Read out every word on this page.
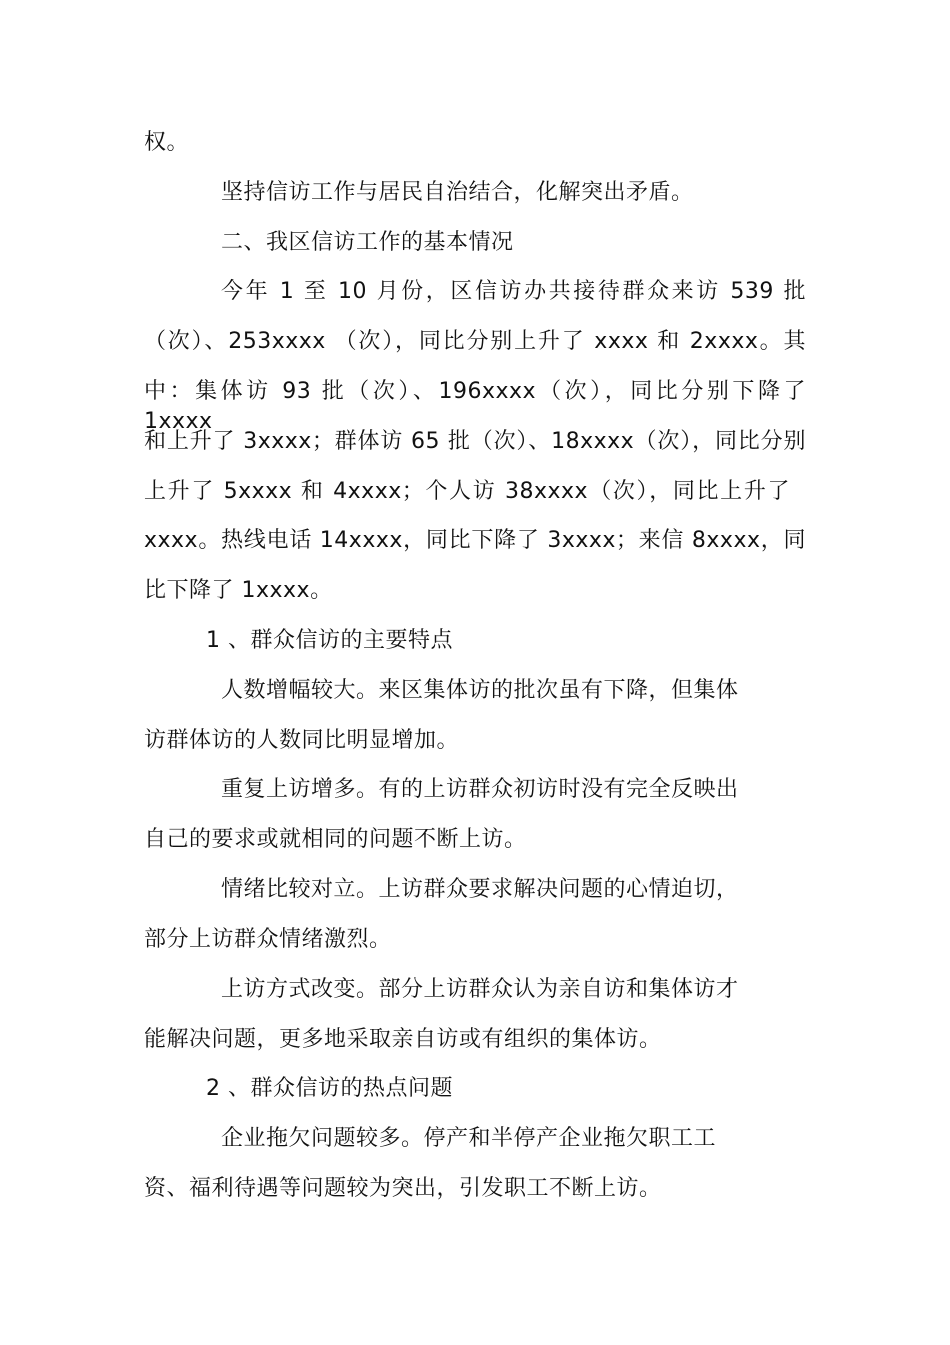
权。
坚持信访工作与居民自治结合，化解突出矛盾。
二、我区信访工作的基本情况
今年 1 至 10 月份，区信访办共接待群众来访 539 批
（次）、253xxxx （次），同比分别上升了 xxxx 和 2xxxx。其
中：集体访 93 批（次）、196xxxx（次），同比分别下降了 1xxxx
和上升了 3xxxx；群体访 65 批（次）、18xxxx（次），同比分别
上升了 5xxxx 和 4xxxx；个人访 38xxxx（次），同比上升了
xxxx。热线电话 14xxxx，同比下降了 3xxxx；来信 8xxxx，同
比下降了 1xxxx。
1 、群众信访的主要特点
人数增幅较大。来区集体访的批次虽有下降，但集体
访群体访的人数同比明显增加。
重复上访增多。有的上访群众初访时没有完全反映出
自己的要求或就相同的问题不断上访。
情绪比较对立。上访群众要求解决问题的心情迫切，
部分上访群众情绪激烈。
上访方式改变。部分上访群众认为亲自访和集体访才
能解决问题，更多地采取亲自访或有组织的集体访。
2 、群众信访的热点问题
企业拖欠问题较多。停产和半停产企业拖欠职工工
资、福利待遇等问题较为突出，引发职工不断上访。
